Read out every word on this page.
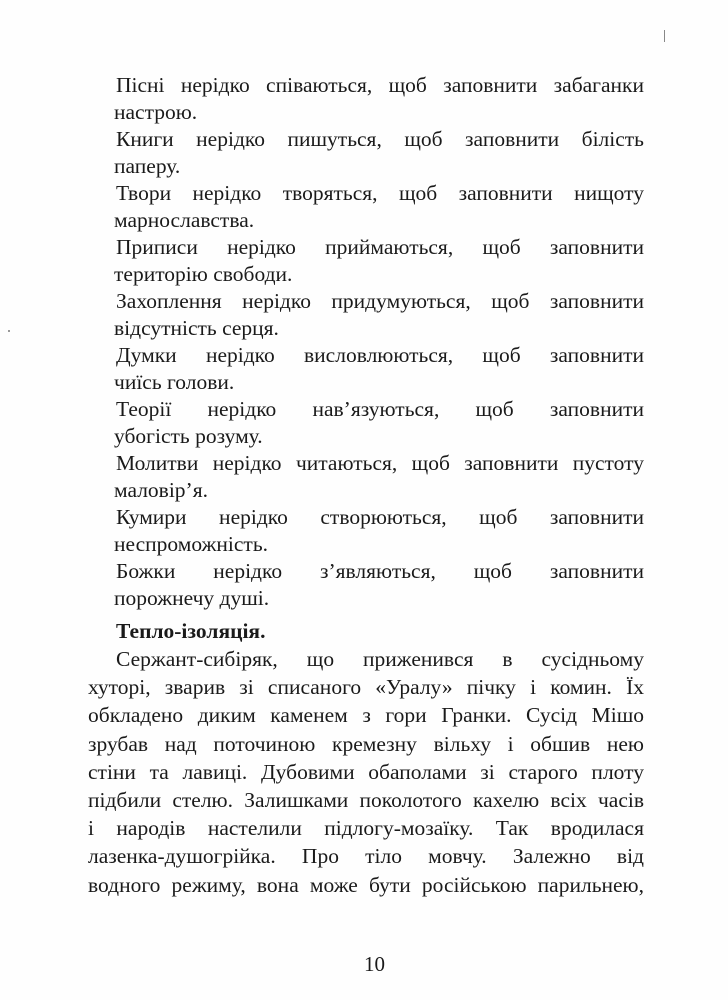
Пісні нерідко співаються, щоб заповнити забаганки
настрою.
Книги нерідко пишуться, щоб заповнити білість
паперу.
Твори нерідко творяться, щоб заповнити нищоту
марнославства.
Приписи нерідко приймаються, щоб заповнити
територію свободи.
Захоплення нерідко придумуються, щоб заповнити
відсутність серця.
Думки нерідко висловлюються, щоб заповнити
чиїсь голови.
Теорії нерідко нав’язуються, щоб заповнити
убогість розуму.
Молитви нерідко читаються, щоб заповнити пустоту
маловір’я.
Кумири нерідко створюються, щоб заповнити
неспроможність.
Божки нерідко з’являються, щоб заповнити
порожнечу душі.
Тепло-ізоляція.
Сержант-сибіряк, що приженився в сусідньому
хуторі, зварив зі списаного «Уралу» пічку і комин. Їх
обкладено диким каменем з гори Гранки. Сусід Мішо
зрубав над поточиною кремезну вільху і обшив нею
стіни та лавиці. Дубовими обаполами зі старого плоту
підбили стелю. Залишками поколотого кахелю всіх часів
і народів настелили підлогу-мозаїку. Так вродилася
лазенка-душогрійка. Про тіло мовчу. Залежно від
водного режиму, вона може бути російською парильнею,
10
